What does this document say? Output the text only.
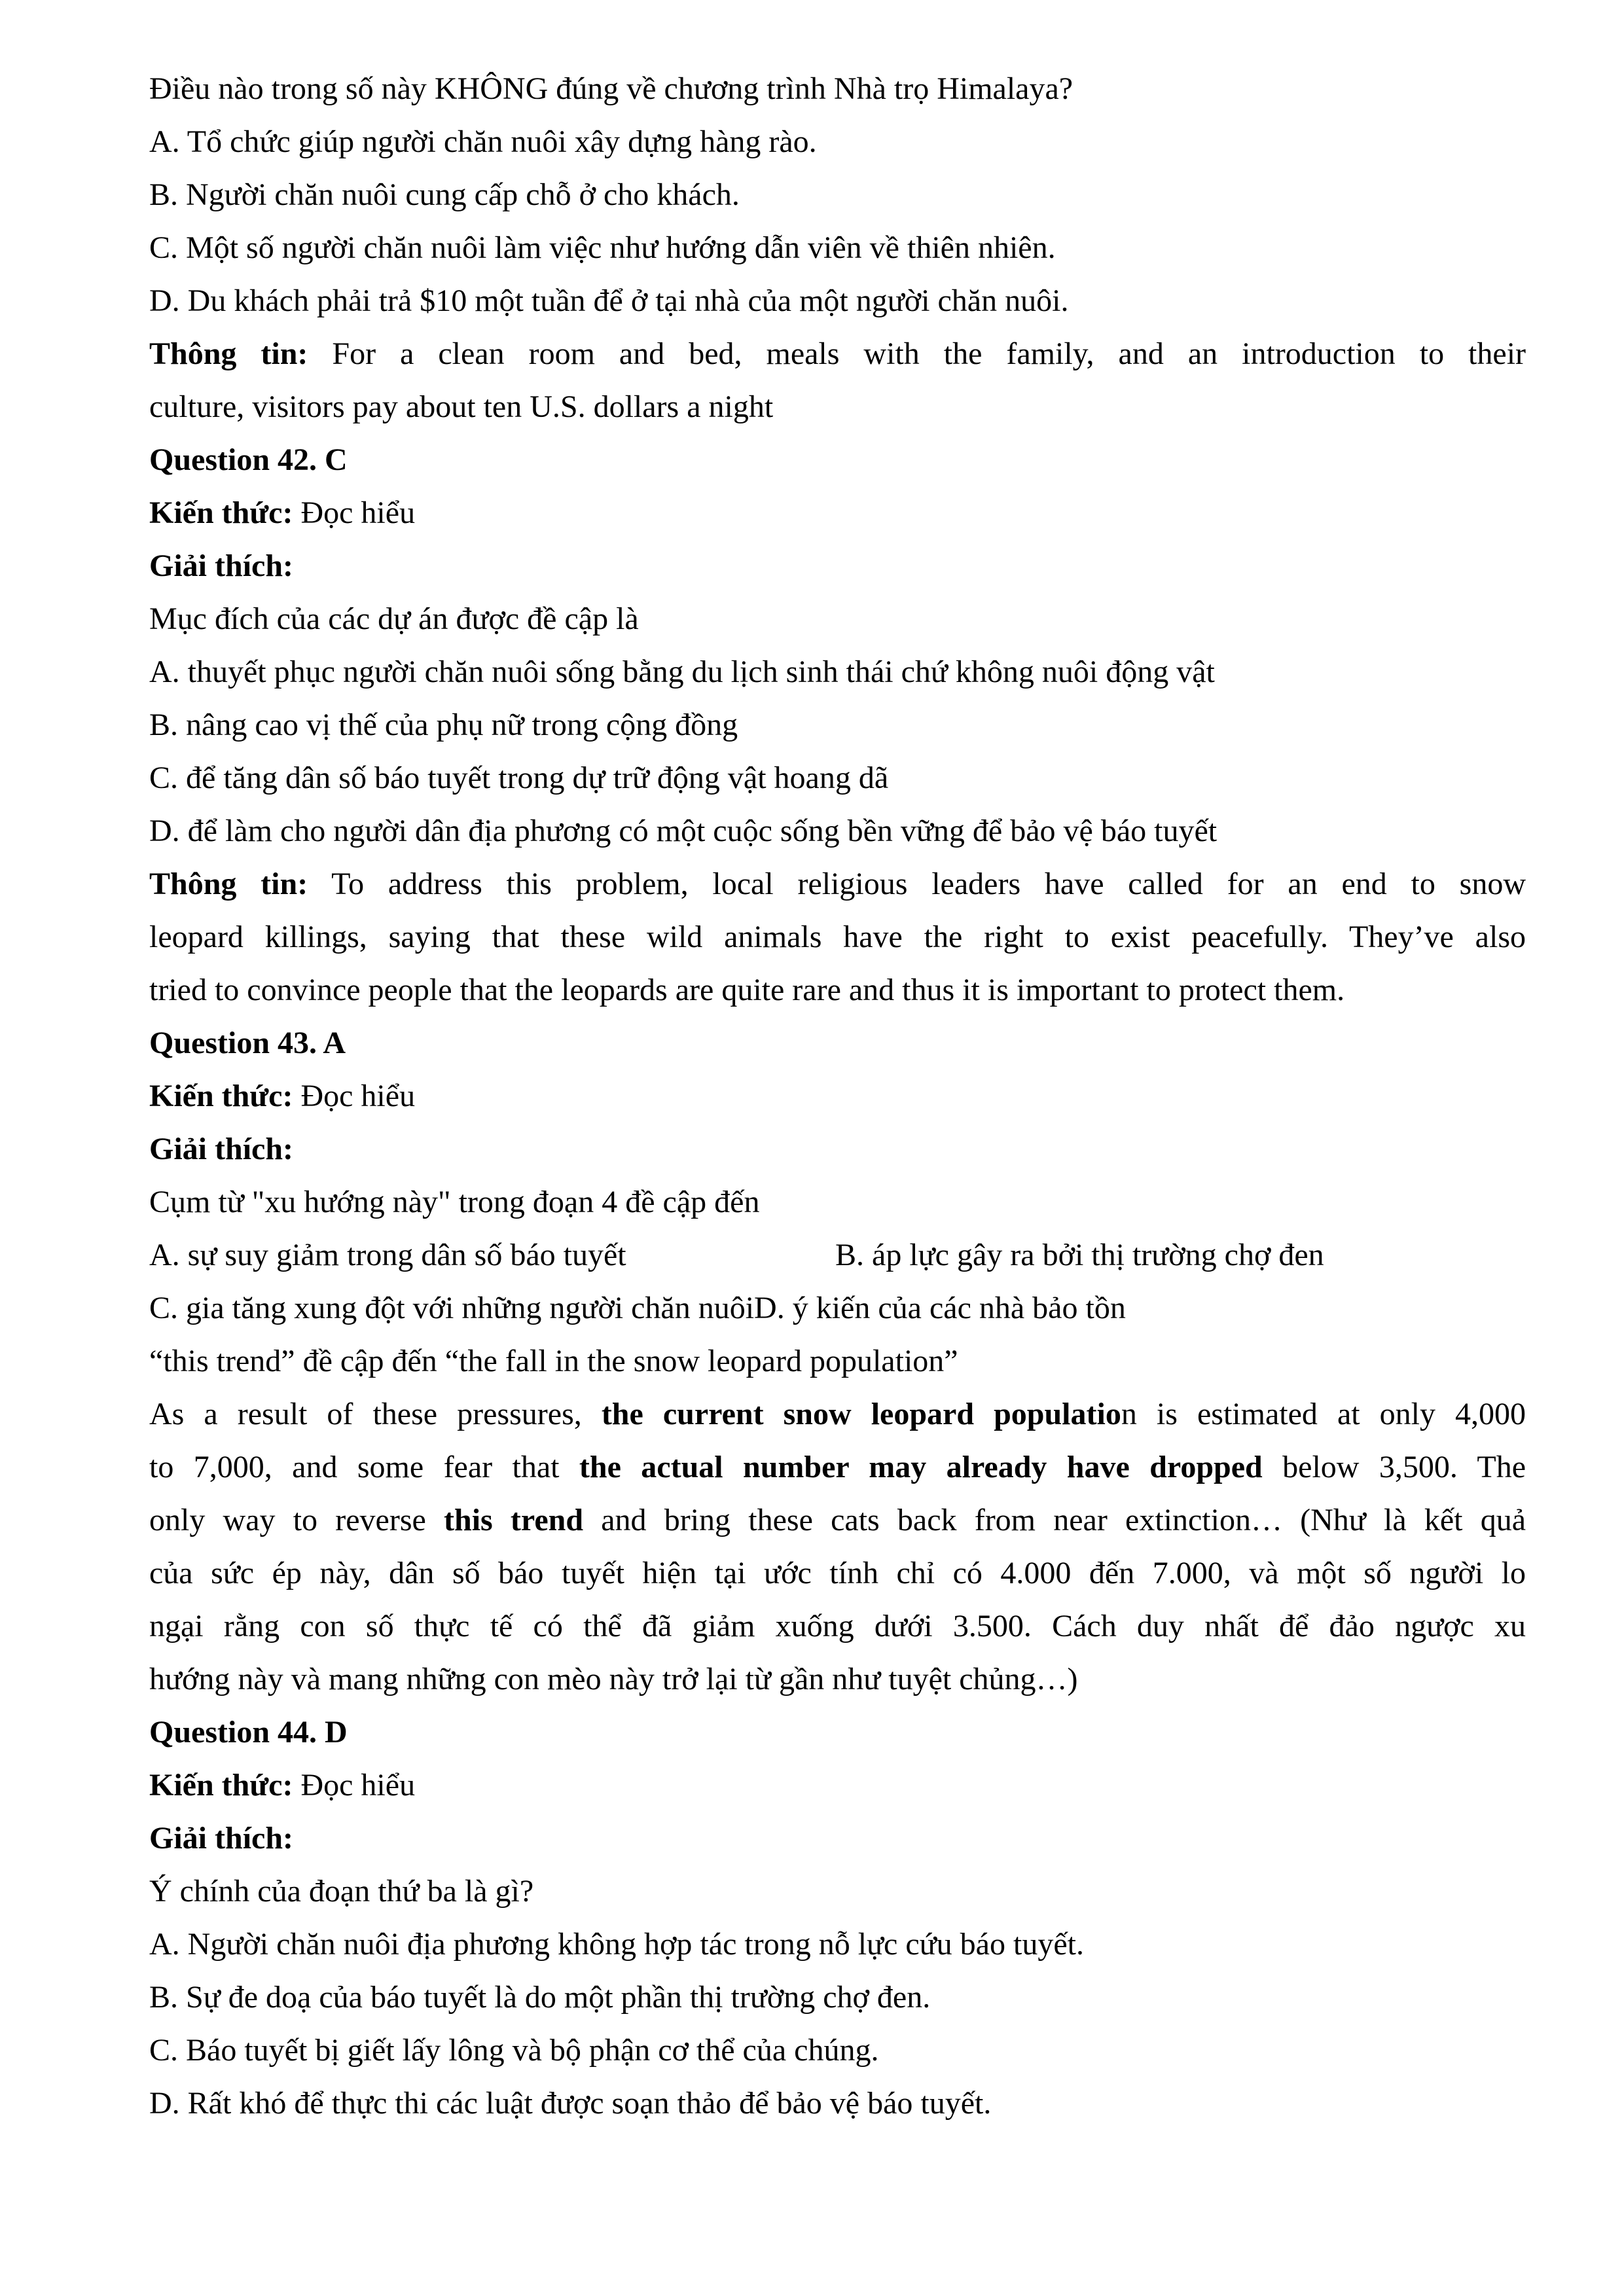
Điều nào trong số này KHÔNG đúng về chương trình Nhà trọ Himalaya?

A. Tổ chức giúp người chăn nuôi xây dựng hàng rào.

B. Người chăn nuôi cung cấp chỗ ở cho khách.

C. Một số người chăn nuôi làm việc như hướng dẫn viên về thiên nhiên.

D. Du khách phải trả $10 một tuần để ở tại nhà của một người chăn nuôi.

Thông tin: For a clean room and bed, meals with the family, and an introduction to their

culture, visitors pay about ten U.S. dollars a night

Question 42. C

Kiến thức: Đọc hiểu

Giải thích:

Mục đích của các dự án được đề cập là

A. thuyết phục người chăn nuôi sống bằng du lịch sinh thái chứ không nuôi động vật

B. nâng cao vị thế của phụ nữ trong cộng đồng

C. để tăng dân số báo tuyết trong dự trữ động vật hoang dã

D. để làm cho người dân địa phương có một cuộc sống bền vững để bảo vệ báo tuyết

Thông tin: To address this problem, local religious leaders have called for an end to snow

leopard killings, saying that these wild animals have the right to exist peacefully. They’ve also

tried to convince people that the leopards are quite rare and thus it is important to protect them.

Question 43. A

Kiến thức: Đọc hiểu

Giải thích:

Cụm từ "xu hướng này" trong đoạn 4 đề cập đến

A. sự suy giảm trong dân số báo tuyết	B. áp lực gây ra bởi thị trường chợ đen
C. gia tăng xung đột với những người chăn nuôiD. ý kiến của các nhà bảo tồn

“this trend” đề cập đến “the fall in the snow leopard population”

As a result of these pressures, the current snow leopard population is estimated at only 4,000

to 7,000, and some fear that the actual number may already have dropped below 3,500. The

only way to reverse this trend and bring these cats back from near extinction… (Như là kết quả

của sức ép này, dân số báo tuyết hiện tại ước tính chỉ có 4.000 đến 7.000, và một số người lo

ngại rằng con số thực tế có thể đã giảm xuống dưới 3.500. Cách duy nhất để đảo ngược xu

hướng này và mang những con mèo này trở lại từ gần như tuyệt chủng…)

Question 44. D

Kiến thức: Đọc hiểu

Giải thích:

Ý chính của đoạn thứ ba là gì?

A. Người chăn nuôi địa phương không hợp tác trong nỗ lực cứu báo tuyết.

B. Sự đe doạ của báo tuyết là do một phần thị trường chợ đen.

C. Báo tuyết bị giết lấy lông và bộ phận cơ thể của chúng.

D. Rất khó để thực thi các luật được soạn thảo để bảo vệ báo tuyết.
